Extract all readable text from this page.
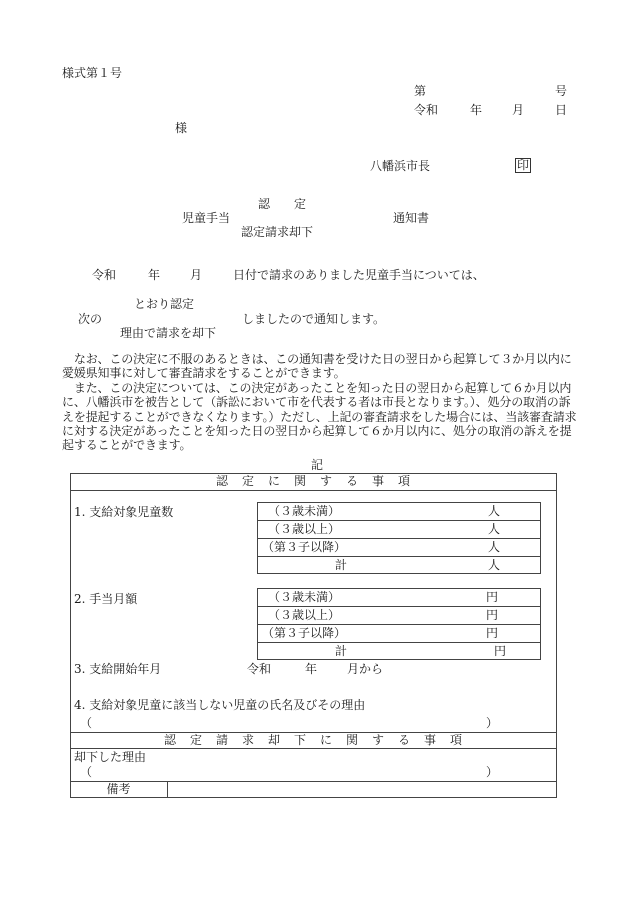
様式第１号
第	号
令和	年 月	日
様
八幡浜市長	印
認　　定
児童手当	通知書
認定請求却下
令和	年 月	日付で請求のありました児童手当については、
とおり認定
次の	しましたので通知します。
理由で請求を却下
　なお、この決定に不服のあるときは、この通知書を受けた日の翌日から起算して３か月以内に愛媛県知事に対して審査請求をすることができます。
　また、この決定については、この決定があったことを知った日の翌日から起算して６か月以内に、八幡浜市を被告として（訴訟において市を代表する者は市長となります。）、処分の取消の訴えを提起することができなくなります。）ただし、上記の審査請求をした場合には、当該審査請求に対する決定があったことを知った日の翌日から起算して６か月以内に、処分の取消の訴えを提起することができます。
記
認　定　に　関　す　る　事　項
1. 支給対象児童数	（３歳未満）	人
（３歳以上）	人
（第３子以降）	人
計	人
2. 手当月額	（３歳未満）	円
（３歳以上）	円
（第３子以降）	円
計	円
3. 支給開始年月	令和	年 月から
4. 支給対象児童に該当しない児童の氏名及びその理由
（	）
認　定　請　求　却　下　に　関　す　る　事　項
却下した理由
（	）
備考
